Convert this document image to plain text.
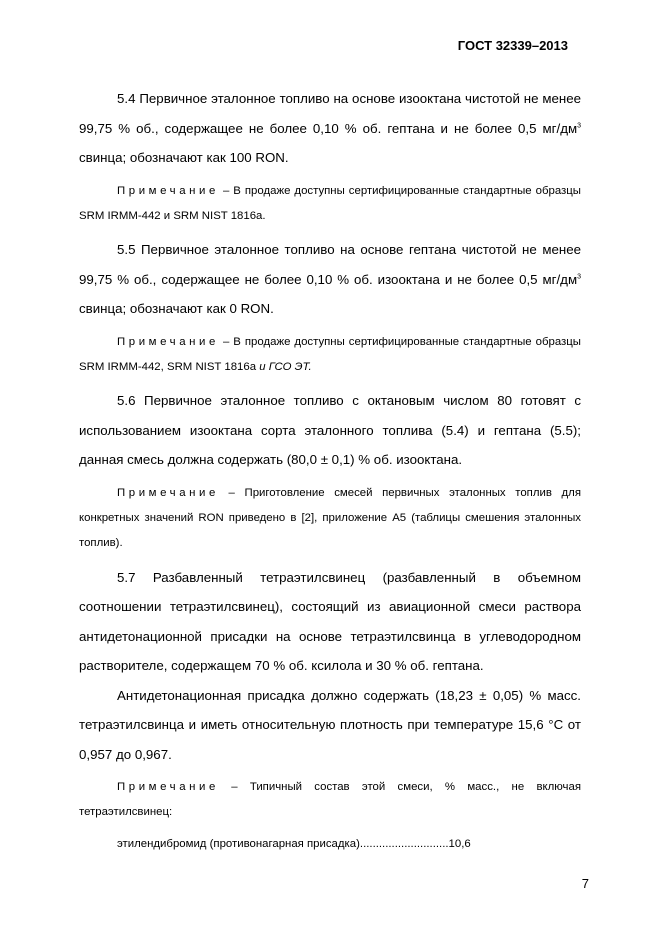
ГОСТ 32339–2013

5.4 Первичное эталонное топливо на основе изооктана чистотой не менее 99,75 % об., содержащее не более 0,10 % об. гептана и не более 0,5 $мг/дм^3$ свинца; обозначают как 100 RON.

Примечание – В продаже доступны сертифицированные стандартные образцы SRM IRMM-442 и SRM NIST 1816а.

5.5 Первичное эталонное топливо на основе гептана чистотой не менее 99,75 % об., содержащее не более 0,10 % об. изооктана и не более 0,5 $мг/дм^3$ свинца; обозначают как 0 RON.

Примечание – В продаже доступны сертифицированные стандартные образцы SRM IRMM-442, SRM NIST 1816а и ГСО ЭТ.

5.6 Первичное эталонное топливо с октановым числом 80 готовят с использованием изооктана сорта эталонного топлива (5.4) и гептана (5.5); данная смесь должна содержать (80,0 ± 0,1) % об. изооктана.

Примечание – Приготовление смесей первичных эталонных топлив для конкретных значений RON приведено в [2], приложение А5 (таблицы смешения эталонных топлив).

5.7 Разбавленный тетраэтилсвинец (разбавленный в объемном соотношении тетраэтилсвинец), состоящий из авиационной смеси раствора антидетонационной присадки на основе тетраэтилсвинца в углеводородном растворителе, содержащем 70 % об. ксилола и 30 % об. гептана.

Антидетонационная присадка должно содержать (18,23 ± 0,05) % масс. тетраэтилсвинца и иметь относительную плотность при температуре 15,6 °С от 0,957 до 0,967.

Примечание – Типичный состав этой смеси, % масс., не включая тетраэтилсвинец:

этилендибромид (противонагарная присадка)............................10,6

7
